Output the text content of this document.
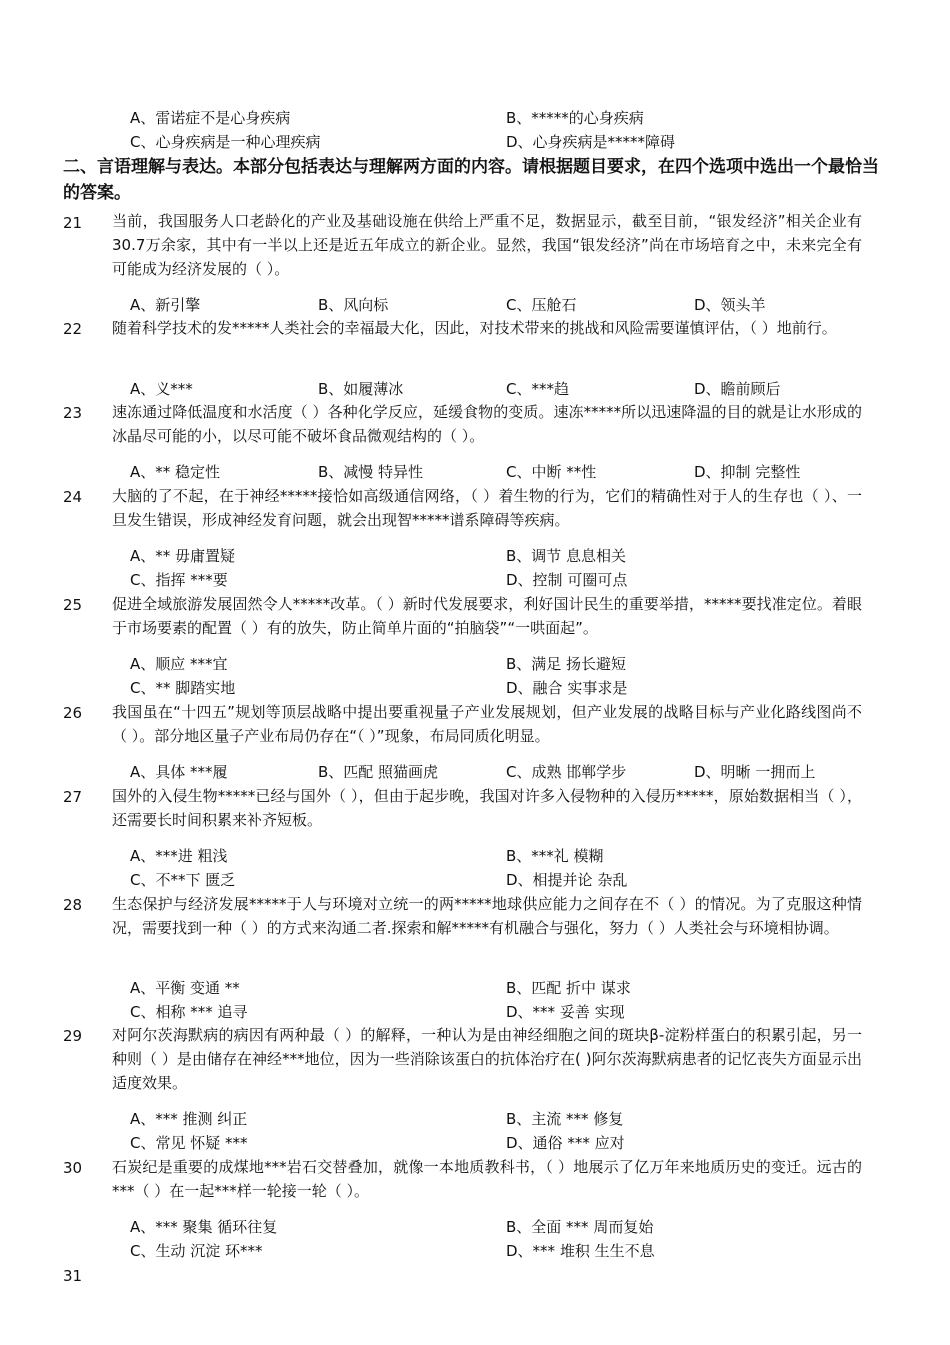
A、雷诺症不是心身疾病	B、*****的心身疾病
C、心身疾病是一种心理疾病	D、心身疾病是*****障碍
二、言语理解与表达。本部分包括表达与理解两方面的内容。请根据题目要求，在四个选项中选出一个最恰当的答案。
21 当前，我国服务人口老龄化的产业及基础设施在供给上严重不足，数据显示，截至目前，“银发经济”相关企业有30.7万余家，其中有一半以上还是近五年成立的新企业。显然，我国“银发经济”尚在市场培育之中，未来完全有可能成为经济发展的（ ）。
A、新引擎	B、风向标	C、压舱石	D、领头羊
22 随着科学技术的发*****人类社会的幸福最大化，因此，对技术带来的挑战和风险需要谨慎评估，（ ）地前行。
A、义***	B、如履薄冰	C、***趋	D、瞻前顾后
23 速冻通过降低温度和水活度（ ）各种化学反应，延缓食物的变质。速冻*****所以迅速降温的目的就是让水形成的冰晶尽可能的小，以尽可能不破坏食品微观结构的（ ）。
A、** 稳定性	B、减慢 特异性	C、中断 **性	D、抑制 完整性
24 大脑的了不起，在于神经*****接恰如高级通信网络，（ ）着生物的行为，它们的精确性对于人的生存也（ ）、一旦发生错误，形成神经发育问题，就会出现智*****谱系障碍等疾病。
A、** 毋庸置疑	B、调节 息息相关
C、指挥 ***要	D、控制 可圈可点
25 促进全域旅游发展固然令人*****改革。（ ）新时代发展要求，利好国计民生的重要举措，*****要找准定位。着眼于市场要素的配置（ ）有的放失，防止简单片面的“拍脑袋”“一哄面起”。
A、顺应 ***宜	B、满足 扬长避短
C、** 脚踏实地	D、融合 实事求是
26 我国虽在“十四五”规划等顶层战略中提出要重视量子产业发展规划，但产业发展的战略目标与产业化路线图尚不（ ）。部分地区量子产业布局仍存在“（ ）”现象，布局同质化明显。
A、具体 ***履	B、匹配 照猫画虎	C、成熟 邯郸学步	D、明晰 一拥而上
27 国外的入侵生物*****已经与国外（ ），但由于起步晚，我国对许多入侵物种的入侵历*****，原始数据相当（ ），还需要长时间积累来补齐短板。
A、***进 粗浅	B、***礼 模糊
C、不**下 匮乏	D、相提并论 杂乱
28 生态保护与经济发展*****于人与环境对立统一的两*****地球供应能力之间存在不（ ）的情况。为了克服这种情况，需要找到一种（ ）的方式来沟通二者.探索和解*****有机融合与强化，努力（ ）人类社会与环境相协调。
A、平衡 变通 **	B、匹配 折中 谋求
C、相称 *** 追寻	D、*** 妥善 实现
29 对阿尔茨海默病的病因有两种最（ ）的解释，一种认为是由神经细胞之间的斑块β-淀粉样蛋白的积累引起，另一种则（ ）是由储存在神经***地位，因为一些消除该蛋白的抗体治疗在( )阿尔茨海默病患者的记忆丧失方面显示出适度效果。
A、*** 推测 纠正	B、主流 *** 修复
C、常见 怀疑 ***	D、通俗 *** 应对
30 石炭纪是重要的成煤地***岩石交替叠加，就像一本地质教科书，（ ）地展示了亿万年来地质历史的变迁。远古的***（ ）在一起***样一轮接一轮（ ）。
A、*** 聚集 循环往复	B、全面 *** 周而复始
C、生动 沉淀 环***	D、*** 堆积 生生不息
31
